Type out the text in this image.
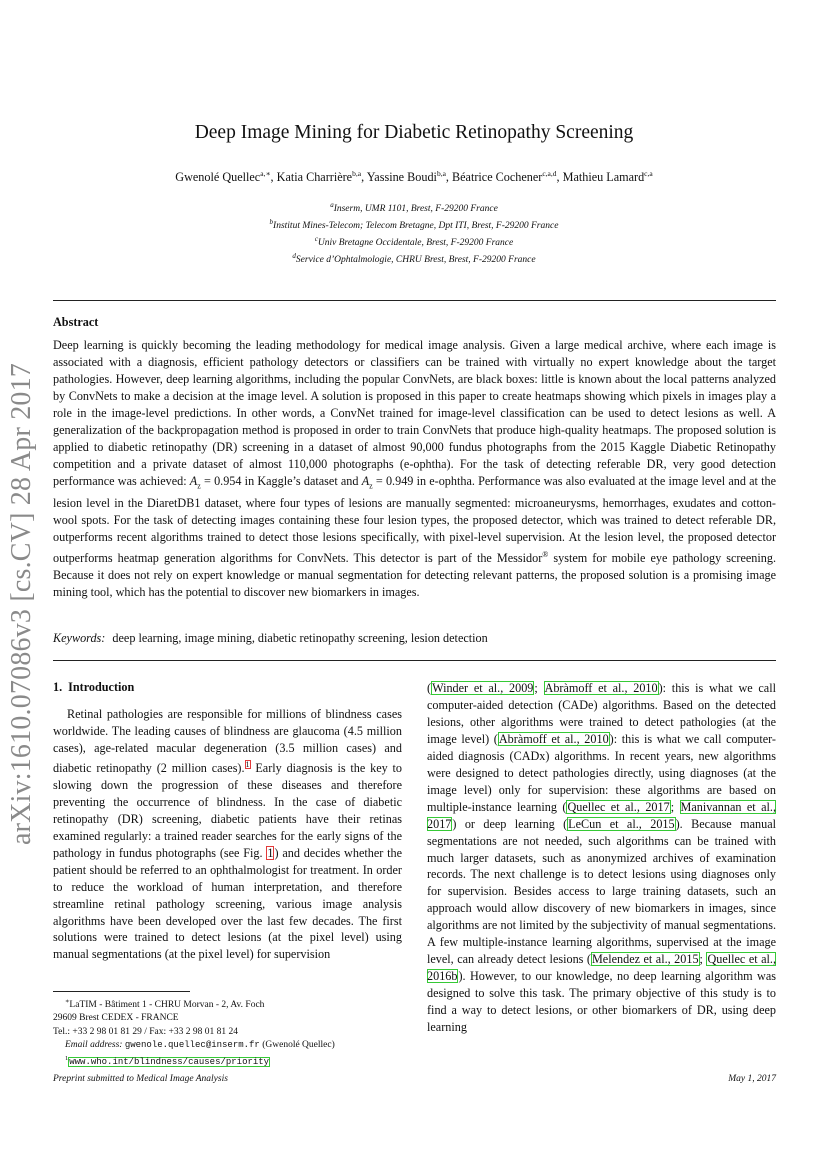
arXiv:1610.07086v3 [cs.CV] 28 Apr 2017
Deep Image Mining for Diabetic Retinopathy Screening
Gwenolé Quellec$^{a,∗}$, Katia Charrière$^{b,a}$, Yassine Boudi$^{b,a}$, Béatrice Cochener$^{c,a,d}$, Mathieu Lamard$^{c,a}$
$^a$Inserm, UMR 1101, Brest, F-29200 France
$^b$Institut Mines-Telecom; Telecom Bretagne, Dpt ITI, Brest, F-29200 France
$^c$Univ Bretagne Occidentale, Brest, F-29200 France
$^d$Service d’Ophtalmologie, CHRU Brest, Brest, F-29200 France
Abstract
Deep learning is quickly becoming the leading methodology for medical image analysis. Given a large medical archive, where each image is associated with a diagnosis, efficient pathology detectors or classifiers can be trained with virtually no expert knowledge about the target pathologies. However, deep learning algorithms, including the popular ConvNets, are black boxes: little is known about the local patterns analyzed by ConvNets to make a decision at the image level. A solution is proposed in this paper to create heatmaps showing which pixels in images play a role in the image-level predictions. In other words, a ConvNet trained for image-level classification can be used to detect lesions as well. A generalization of the backpropagation method is proposed in order to train ConvNets that produce high-quality heatmaps. The proposed solution is applied to diabetic retinopathy (DR) screening in a dataset of almost 90,000 fundus photographs from the 2015 Kaggle Diabetic Retinopathy competition and a private dataset of almost 110,000 photographs (e-ophtha). For the task of detecting referable DR, very good detection performance was achieved: $A_z = 0.954$ in Kaggle’s dataset and $A_z = 0.949$ in e-ophtha. Performance was also evaluated at the image level and at the lesion level in the DiaretDB1 dataset, where four types of lesions are manually segmented: microaneurysms, hemorrhages, exudates and cotton-wool spots. For the task of detecting images containing these four lesion types, the proposed detector, which was trained to detect referable DR, outperforms recent algorithms trained to detect those lesions specifically, with pixel-level supervision. At the lesion level, the proposed detector outperforms heatmap generation algorithms for ConvNets. This detector is part of the Messidor® system for mobile eye pathology screening. Because it does not rely on expert knowledge or manual segmentation for detecting relevant patterns, the proposed solution is a promising image mining tool, which has the potential to discover new biomarkers in images.
Keywords: deep learning, image mining, diabetic retinopathy screening, lesion detection
1. Introduction

Retinal pathologies are responsible for millions of blindness cases worldwide. The leading causes of blindness are glaucoma (4.5 million cases), age-related macular degeneration (3.5 million cases) and diabetic retinopathy (2 million cases).$^1$ Early diagnosis is the key to slowing down the progression of these diseases and therefore preventing the occurrence of blindness. In the case of diabetic retinopathy (DR) screening, diabetic patients have their retinas examined regularly: a trained reader searches for the early signs of the pathology in fundus photographs (see Fig. 1) and decides whether the patient should be referred to an ophthalmologist for treatment. In order to reduce the workload of human interpretation, and therefore streamline retinal pathology screening, various image analysis algorithms have been developed over the last few decades. The first solutions were trained to detect lesions (at the pixel level) using manual segmentations (at the pixel level) for supervision

(Winder et al., 2009; Abràmoff et al., 2010): this is what we call computer-aided detection (CADe) algorithms. Based on the detected lesions, other algorithms were trained to detect pathologies (at the image level) (Abràmoff et al., 2010): this is what we call computer-aided diagnosis (CADx) algorithms. In recent years, new algorithms were designed to detect pathologies directly, using diagnoses (at the image level) only for supervision: these algorithms are based on multiple-instance learning (Quellec et al., 2017; Manivannan et al., 2017) or deep learning (LeCun et al., 2015). Because manual segmentations are not needed, such algorithms can be trained with much larger datasets, such as anonymized archives of examination records. The next challenge is to detect lesions using diagnoses only for supervision. Besides access to large training datasets, such an approach would allow discovery of new biomarkers in images, since algorithms are not limited by the subjectivity of manual segmentations. A few multiple-instance learning algorithms, supervised at the image level, can already detect lesions (Melendez et al., 2015; Quellec et al., 2016b). However, to our knowledge, no deep learning algorithm was designed to solve this task. The primary objective of this study is to find a way to detect lesions, or other biomarkers of DR, using deep learning

∗LaTIM - Bâtiment 1 - CHRU Morvan - 2, Av. Foch
29609 Brest CEDEX - FRANCE
Tel.: +33 2 98 01 81 29 / Fax: +33 2 98 01 81 24
Email address: gwenole.quellec@inserm.fr (Gwenolé Quellec)
$^1$www.who.int/blindness/causes/priority
Preprint submitted to Medical Image Analysis	May 1, 2017
